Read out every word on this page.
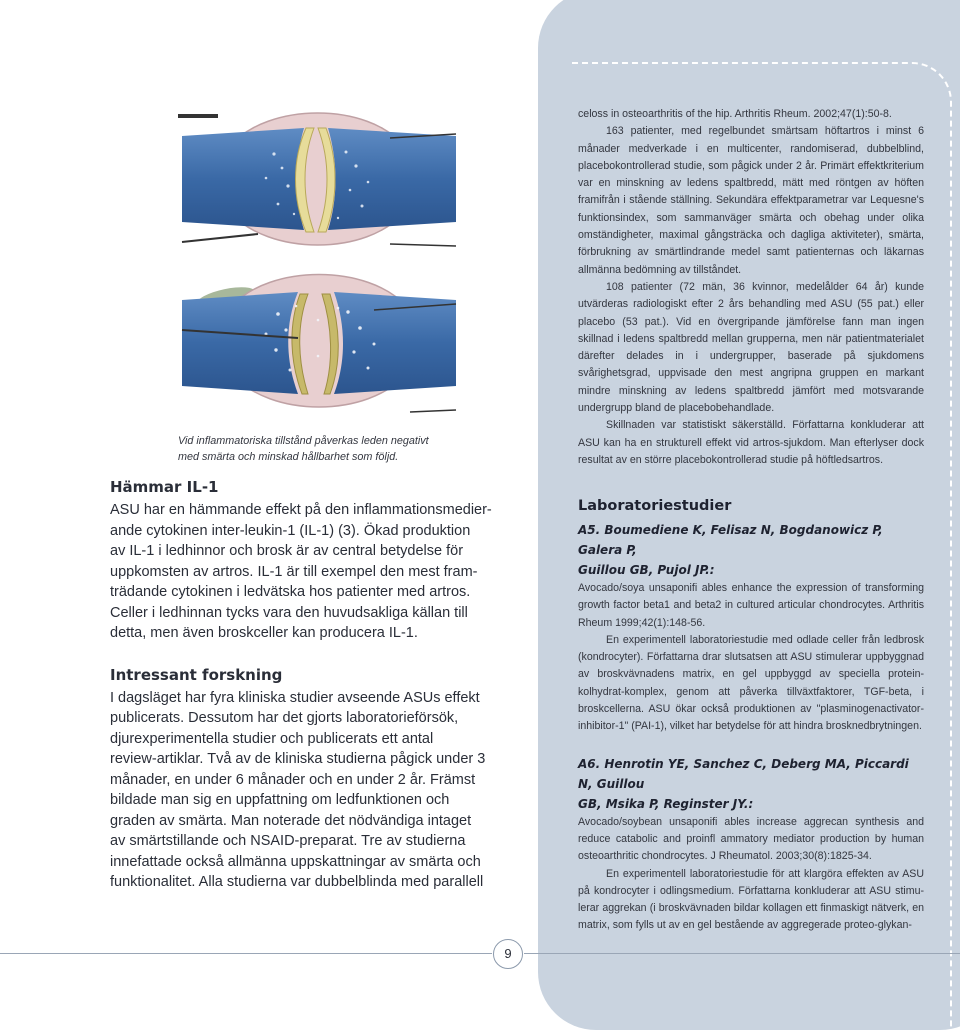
Vid inflammatoriska tillstånd påverkas leden negativt
med smärta och minskad hållbarhet som följd.

Hämmar IL-1

ASU har en hämmande effekt på den inflammationsmedier-
ande cytokinen inter-leukin-1 (IL-1) (3). Ökad produktion
av IL-1 i ledhinnor och brosk är av central betydelse för
uppkomsten av artros. IL-1 är till exempel den mest fram-
trädande cytokinen i ledvätska hos patienter med artros.
Celler i ledhinnan tycks vara den huvudsakliga källan till
detta, men även broskceller kan producera IL-1.

Intressant forskning

I dagsläget har fyra kliniska studier avseende ASUs effekt
publicerats. Dessutom har det gjorts laboratorieförsök,
djurexperimentella studier och publicerats ett antal
review-artiklar. Två av de kliniska studierna pågick under 3
månader, en under 6 månader och en under 2 år. Främst
bildade man sig en uppfattning om ledfunktionen och
graden av smärta. Man noterade det nödvändiga intaget
av smärtstillande och NSAID-preparat. Tre av studierna
innefattade också allmänna uppskattningar av smärta och
funktionalitet. Alla studierna var dubbelblinda med parallell

celoss in osteoarthritis of the hip. Arthritis Rheum. 2002;47(1):50-8.

163 patienter, med regelbundet smärtsam höftartros i minst 6 månader medverkade i en multicenter, randomiserad, dubbelblind, placebokontrollerad studie, som pågick under 2 år. Primärt effektkriterium var en minskning av ledens spaltbredd, mätt med röntgen av höften framifrån i stående ställning. Sekundära effektparametrar var Lequesne's funktionsindex, som sammanväger smärta och obehag under olika omständigheter, maximal gångsträcka och dagliga aktiviteter), smärta, förbrukning av smärtlindrande medel samt patienternas och läkarnas allmänna bedömning av tillståndet.

108 patienter (72 män, 36 kvinnor, medelålder 64 år) kunde utvärderas radiologiskt efter 2 års behandling med ASU (55 pat.) eller placebo (53 pat.). Vid en övergripande jämförelse fann man ingen skillnad i ledens spaltbredd mellan grupperna, men när patientmaterialet därefter delades in i undergrupper, baserade på sjukdomens svårighetsgrad, uppvisade den mest angripna gruppen en markant mindre minskning av ledens spaltbredd jämfört med motsvarande undergrupp bland de placebobehandlade.

Skillnaden var statistiskt säkerställd. Författarna konkluderar att ASU kan ha en strukturell effekt vid artros-sjukdom. Man efterlyser dock resultat av en större placebokontrollerad studie på höftledsartros.

Laboratoriestudier

A5. Boumediene K, Felisaz N, Bogdanowicz P, Galera P,
Guillou GB, Pujol JP.:

Avocado/soya unsaponifi ables enhance the expression of transforming growth factor beta1 and beta2 in cultured articular chondrocytes. Arthritis Rheum 1999;42(1):148-56.

En experimentell laboratoriestudie med odlade celler från ledbrosk (kondrocyter). Författarna drar slutsatsen att ASU stimulerar uppbyggnad av broskvävnadens matrix, en gel uppbyggd av speciella protein-kolhydrat-komplex, genom att påverka tillväxtfaktorer, TGF-beta, i broskcellerna. ASU ökar också produktionen av "plasminogenactivator-inhibitor-1" (PAI-1), vilket har betydelse för att hindra brosknedbrytningen.

A6. Henrotin YE, Sanchez C, Deberg MA, Piccardi N, Guillou
GB, Msika P, Reginster JY.:

Avocado/soybean unsaponifi ables increase aggrecan synthesis and reduce catabolic and proinfl ammatory mediator production by human osteoarthritic chondrocytes. J Rheumatol. 2003;30(8):1825-34.

En experimentell laboratoriestudie för att klargöra effekten av ASU på kondrocyter i odlingsmedium. Författarna konkluderar att ASU stimu-lerar aggrekan (i broskvävnaden bildar kollagen ett finmaskigt nätverk, en matrix, som fylls ut av en gel bestående av aggregerade proteo-glykan-

9
